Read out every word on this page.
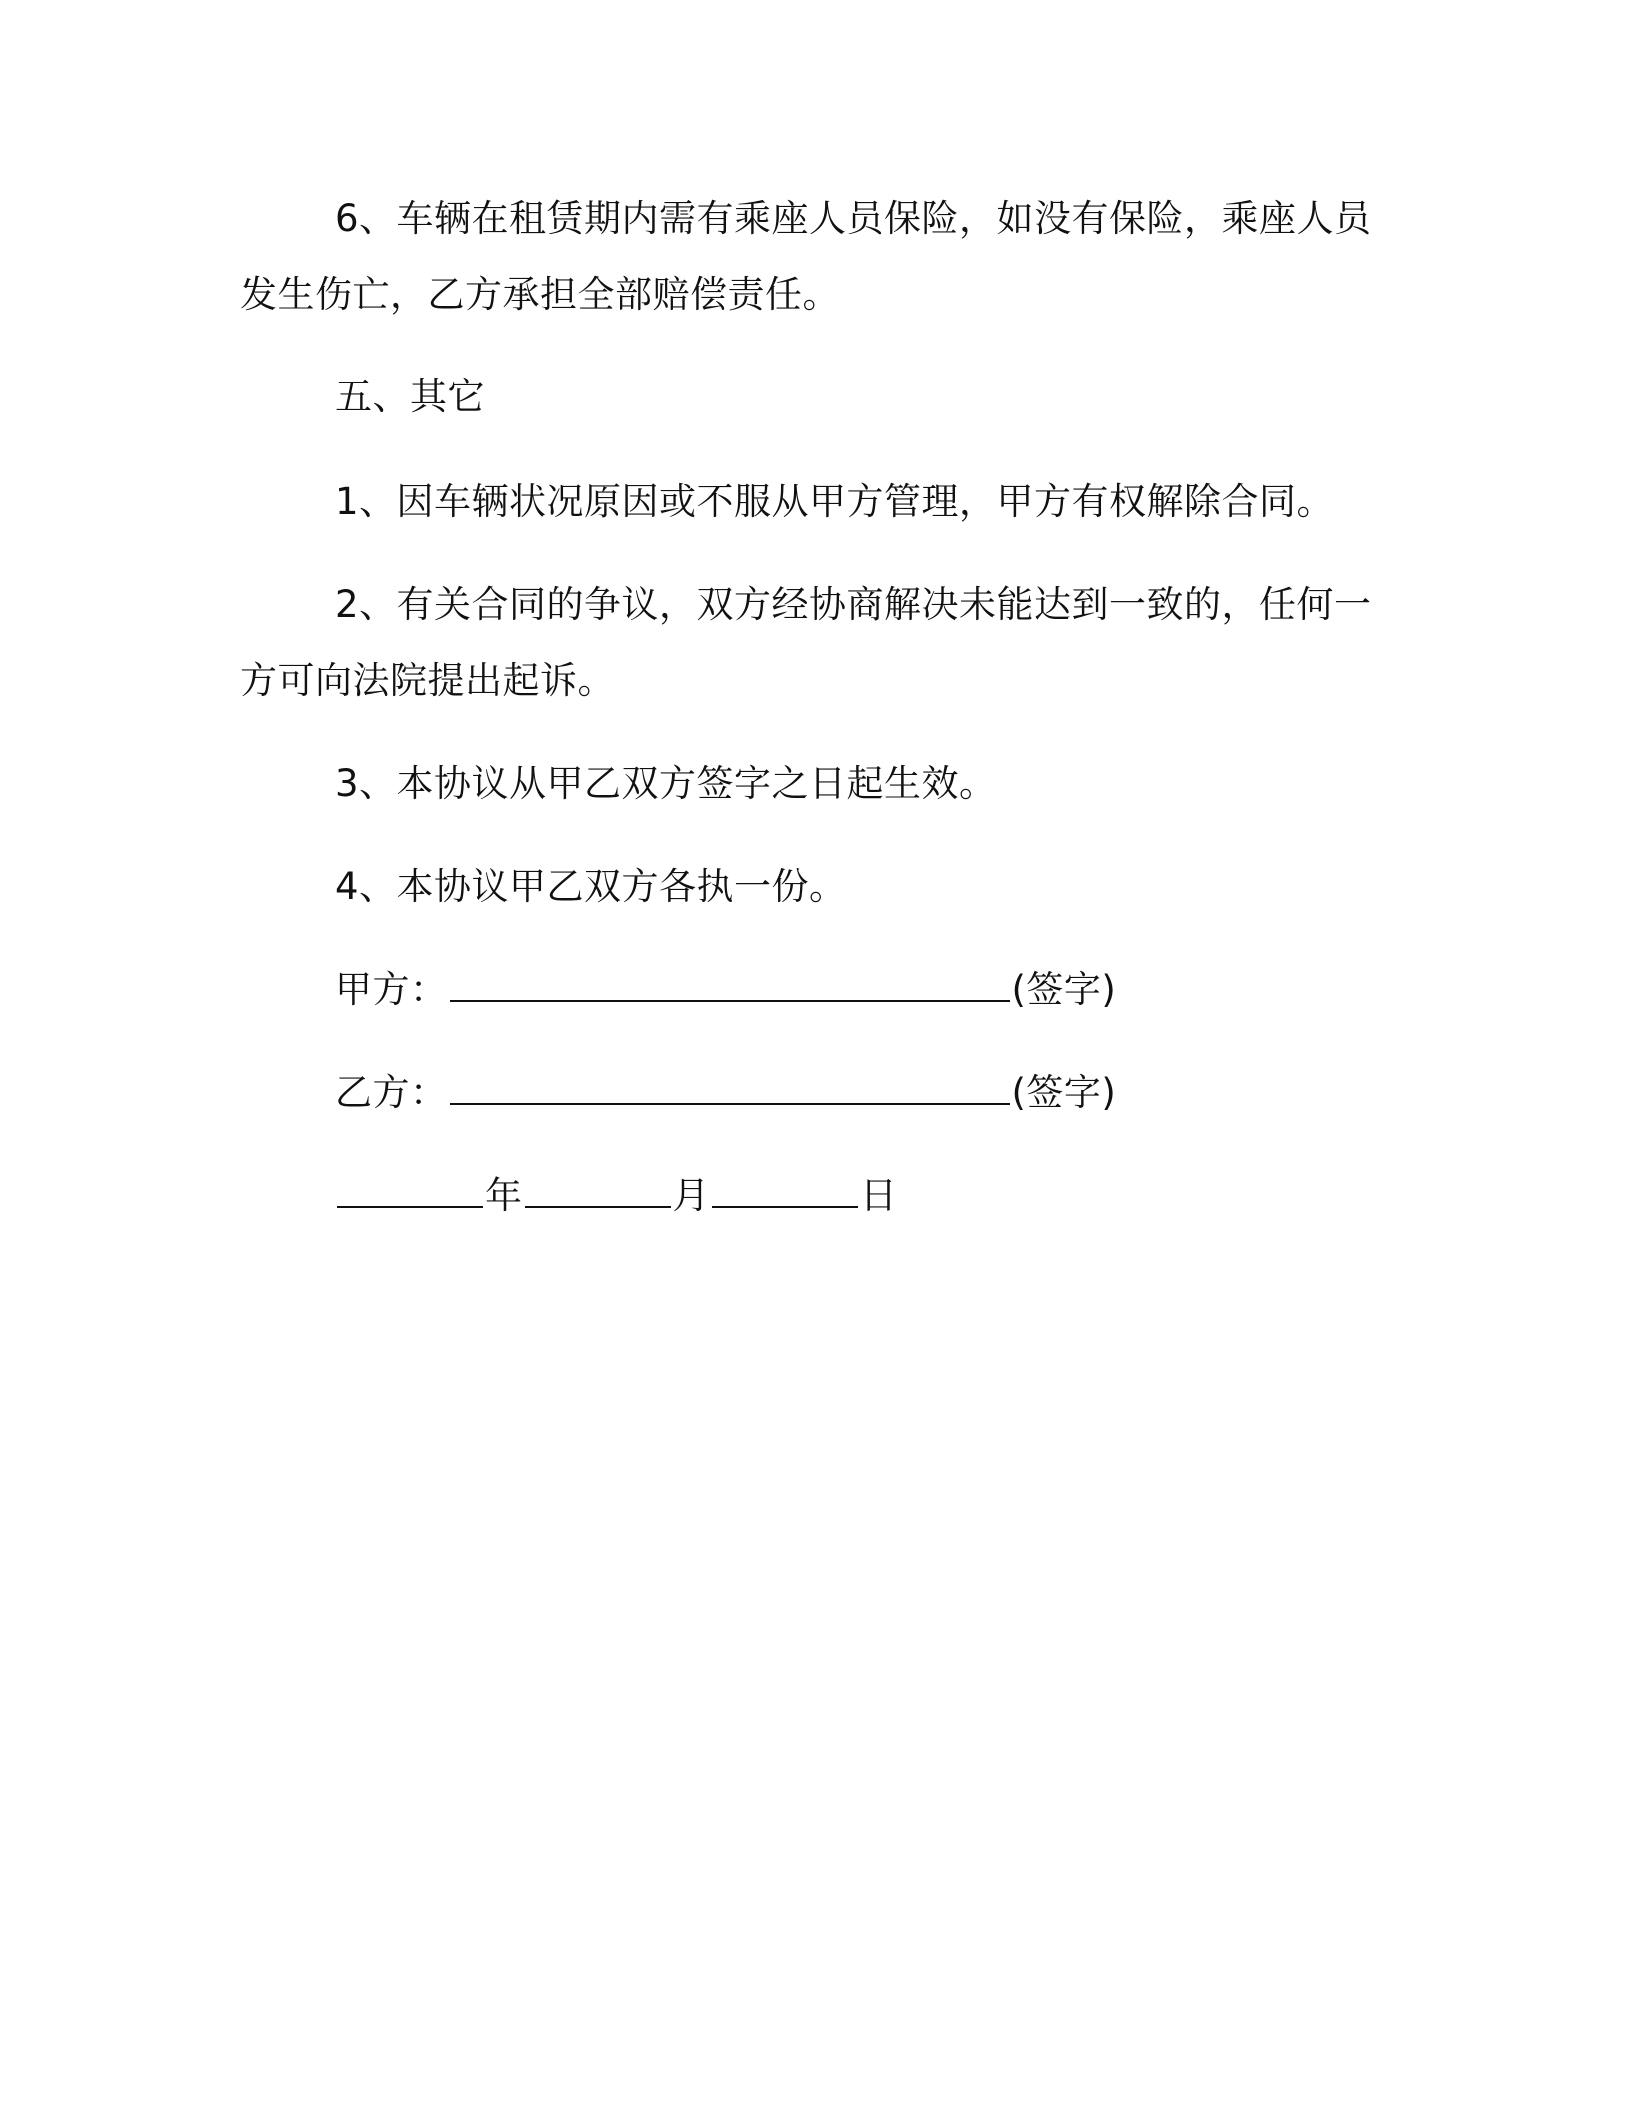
6、车辆在租赁期内需有乘座人员保险，如没有保险，乘座人员
发生伤亡，乙方承担全部赔偿责任。
五、其它
1、因车辆状况原因或不服从甲方管理，甲方有权解除合同。
2、有关合同的争议，双方经协商解决未能达到一致的，任何一
方可向法院提出起诉。
3、本协议从甲乙双方签字之日起生效。
4、本协议甲乙双方各执一份。
甲方：	(签字)
乙方：	(签字)
年	月	日
